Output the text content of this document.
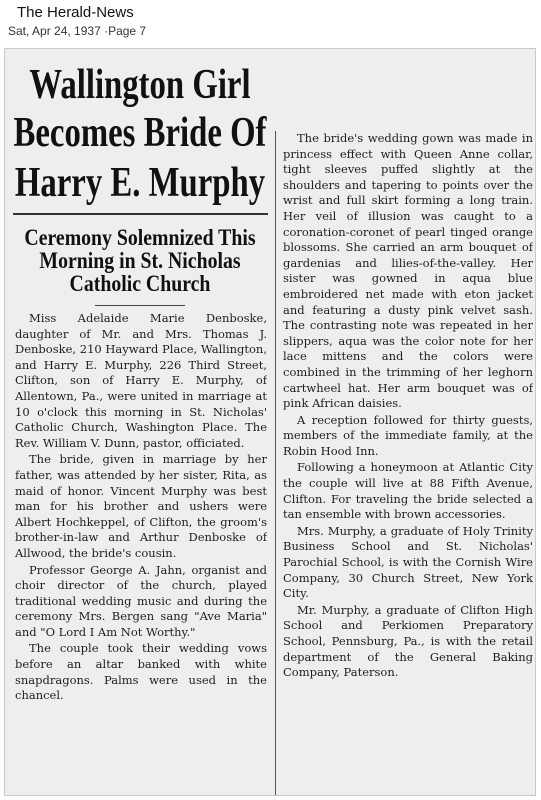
The Herald-News
Sat, Apr 24, 1937 ·Page 7
Wallington Girl
Becomes Bride Of
Harry E. Murphy
Ceremony Solemnized This
Morning in St. Nicholas
Catholic Church

Miss Adelaide Marie Denboske, daughter of Mr. and Mrs. Thomas J. Denboske, 210 Hayward Place, Wallington, and Harry E. Murphy, 226 Third Street, Clifton, son of Harry E. Murphy, of Allentown, Pa., were united in marriage at 10 o'clock this morning in St. Nicholas' Catholic Church, Washington Place. The Rev. William V. Dunn, pastor, officiated.

The bride, given in marriage by her father, was attended by her sister, Rita, as maid of honor. Vincent Murphy was best man for his brother and ushers were Albert Hochkeppel, of Clifton, the groom's brother-in-law and Arthur Denboske of Allwood, the bride's cousin.

Professor George A. Jahn, organist and choir director of the church, played traditional wedding music and during the ceremony Mrs. Bergen sang "Ave Maria" and "O Lord I Am Not Worthy."

The couple took their wedding vows before an altar banked with white snapdragons. Palms were used in the chancel.

The bride's wedding gown was made in princess effect with Queen Anne collar, tight sleeves puffed slightly at the shoulders and tapering to points over the wrist and full skirt forming a long train. Her veil of illusion was caught to a coronation-coronet of pearl tinged orange blossoms. She carried an arm bouquet of gardenias and lilies-of-the-valley. Her sister was gowned in aqua blue embroidered net made with eton jacket and featuring a dusty pink velvet sash. The contrasting note was repeated in her slippers, aqua was the color note for her lace mittens and the colors were combined in the trimming of her leghorn cartwheel hat. Her arm bouquet was of pink African daisies.

A reception followed for thirty guests, members of the immediate family, at the Robin Hood Inn.

Following a honeymoon at Atlantic City the couple will live at 88 Fifth Avenue, Clifton. For traveling the bride selected a tan ensemble with brown accessories.

Mrs. Murphy, a graduate of Holy Trinity Business School and St. Nicholas' Parochial School, is with the Cornish Wire Company, 30 Church Street, New York City.

Mr. Murphy, a graduate of Clifton High School and Perkiomen Preparatory School, Pennsburg, Pa., is with the retail department of the General Baking Company, Paterson.
